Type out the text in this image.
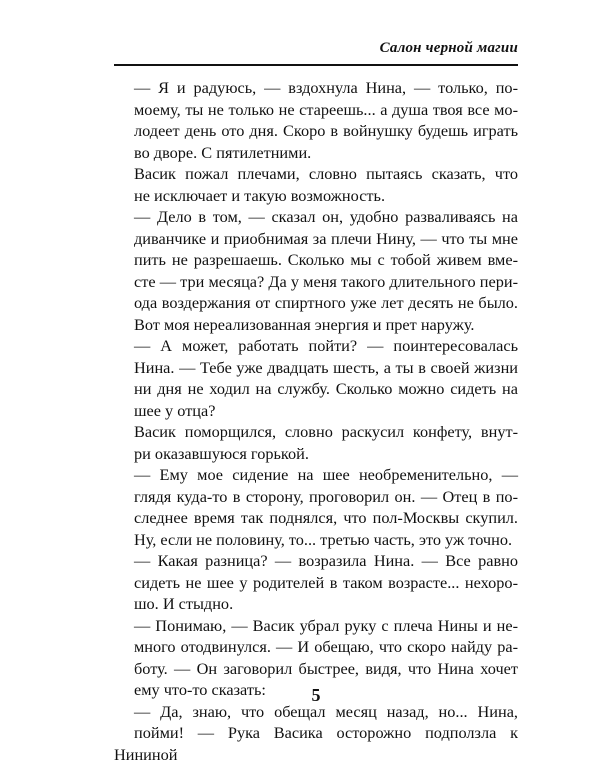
Салон черной магии

— Я и радуюсь, — вздохнула Нина, — только, по-
моему, ты не только не стареешь... а душа твоя все мо-
лодеет день ото дня. Скоро в войнушку будешь играть
во дворе. С пятилетними.

Васик пожал плечами, словно пытаясь сказать, что
не исключает и такую возможность.

— Дело в том, — сказал он, удобно разваливаясь на
диванчике и приобнимая за плечи Нину, — что ты мне
пить не разрешаешь. Сколько мы с тобой живем вме-
сте — три месяца? Да у меня такого длительного пери-
ода воздержания от спиртного уже лет десять не было.
Вот моя нереализованная энергия и прет наружу.

— А может, работать пойти? — поинтересовалась
Нина. — Тебе уже двадцать шесть, а ты в своей жизни
ни дня не ходил на службу. Сколько можно сидеть на
шее у отца?

Васик поморщился, словно раскусил конфету, внут-
ри оказавшуюся горькой.

— Ему мое сидение на шее необременительно, —
глядя куда-то в сторону, проговорил он. — Отец в по-
следнее время так поднялся, что пол-Москвы скупил.
Ну, если не половину, то... третью часть, это уж точно.

— Какая разница? — возразила Нина. — Все равно
сидеть не шее у родителей в таком возрасте... нехоро-
шо. И стыдно.

— Понимаю, — Васик убрал руку с плеча Нины и не-
много отодвинулся. — И обещаю, что скоро найду ра-
боту. — Он заговорил быстрее, видя, что Нина хочет
ему что-то сказать:

— Да, знаю, что обещал месяц назад, но... Нина,
пойми! — Рука Васика осторожно подползла к Нининой

5
